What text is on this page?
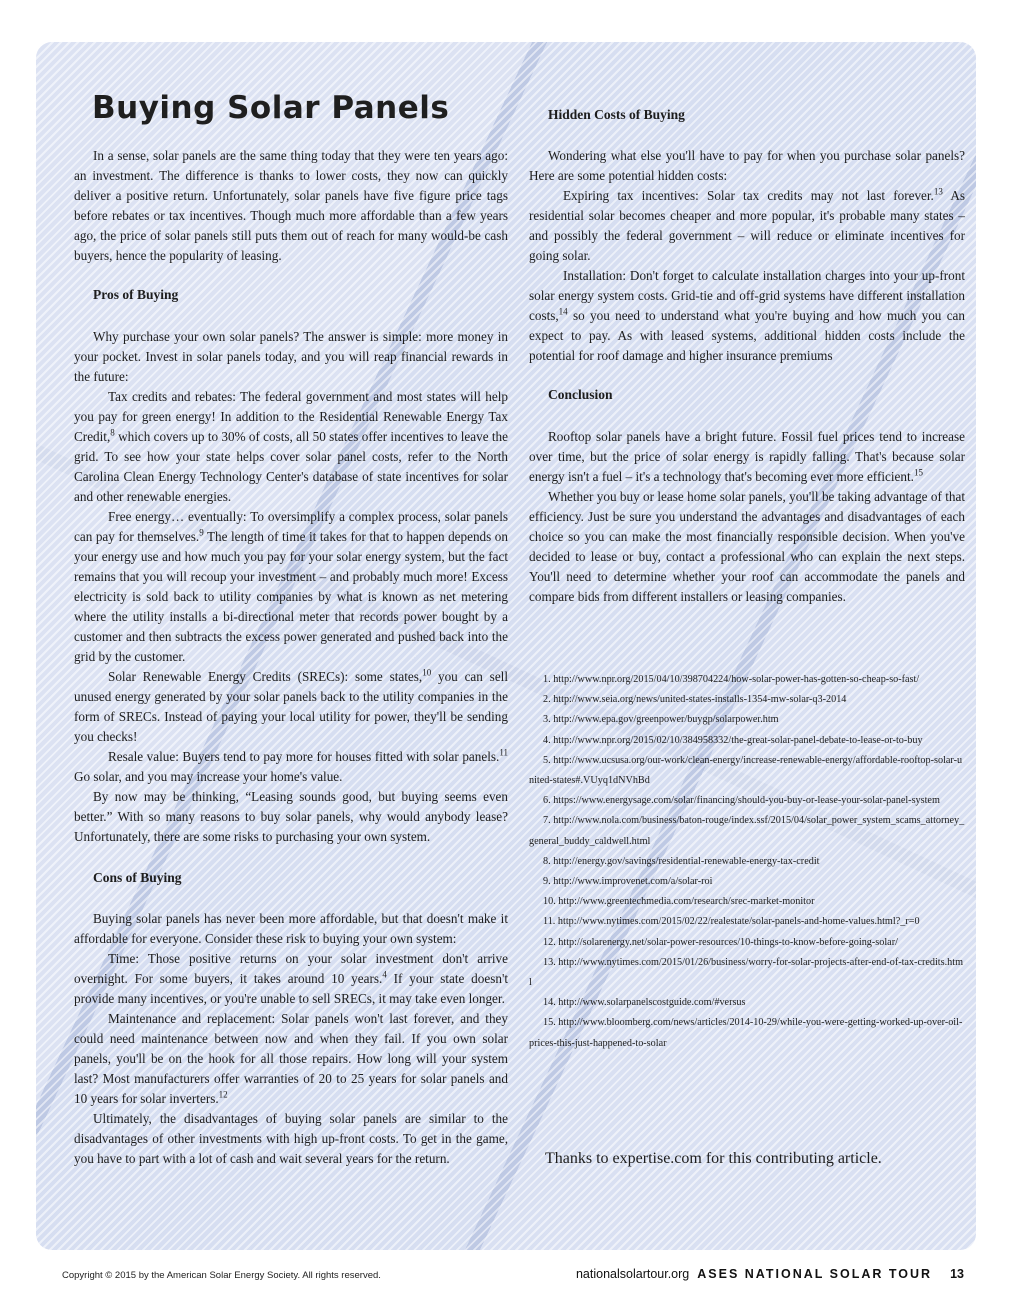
Buying Solar Panels

In a sense, solar panels are the same thing today that they were ten years ago: an investment. The difference is thanks to lower costs, they now can quickly deliver a positive return. Unfortunately, solar panels have five figure price tags before rebates or tax incentives. Though much more affordable than a few years ago, the price of solar panels still puts them out of reach for many would-be cash buyers, hence the popularity of leasing.

Pros of Buying

Why purchase your own solar panels? The answer is simple: more money in your pocket. Invest in solar panels today, and you will reap financial rewards in the future:

Tax credits and rebates: The federal government and most states will help you pay for green energy! In addition to the Residential Renewable Energy Tax Credit,$^8$ which covers up to 30% of costs, all 50 states offer incentives to leave the grid. To see how your state helps cover solar panel costs, refer to the North Carolina Clean Energy Technology Center's database of state incentives for solar and other renewable energies.

Free energy… eventually: To oversimplify a complex process, solar panels can pay for themselves.$^9$ The length of time it takes for that to happen depends on your energy use and how much you pay for your solar energy system, but the fact remains that you will recoup your investment – and probably much more! Excess electricity is sold back to utility companies by what is known as net metering where the utility installs a bi-directional meter that records power bought by a customer and then subtracts the excess power generated and pushed back into the grid by the customer.

Solar Renewable Energy Credits (SRECs): some states,$^{10}$ you can sell unused energy generated by your solar panels back to the utility companies in the form of SRECs. Instead of paying your local utility for power, they'll be sending you checks!

Resale value: Buyers tend to pay more for houses fitted with solar panels.$^{11}$ Go solar, and you may increase your home's value.

By now may be thinking, “Leasing sounds good, but buying seems even better.” With so many reasons to buy solar panels, why would anybody lease? Unfortunately, there are some risks to purchasing your own system.

Cons of Buying

Buying solar panels has never been more affordable, but that doesn't make it affordable for everyone. Consider these risk to buying your own system:

Time: Those positive returns on your solar investment don't arrive overnight. For some buyers, it takes around 10 years.$^4$ If your state doesn't provide many incentives, or you're unable to sell SRECs, it may take even longer.

Maintenance and replacement: Solar panels won't last forever, and they could need maintenance between now and when they fail. If you own solar panels, you'll be on the hook for all those repairs. How long will your system last? Most manufacturers offer warranties of 20 to 25 years for solar panels and 10 years for solar inverters.$^{12}$

Ultimately, the disadvantages of buying solar panels are similar to the disadvantages of other investments with high up-front costs. To get in the game, you have to part with a lot of cash and wait several years for the return.

Hidden Costs of Buying

Wondering what else you'll have to pay for when you purchase solar panels? Here are some potential hidden costs:

Expiring tax incentives: Solar tax credits may not last forever.$^{13}$ As residential solar becomes cheaper and more popular, it's probable many states – and possibly the federal government – will reduce or eliminate incentives for going solar.

Installation: Don't forget to calculate installation charges into your up-front solar energy system costs. Grid-tie and off-grid systems have different installation costs,$^{14}$ so you need to understand what you're buying and how much you can expect to pay. As with leased systems, additional hidden costs include the potential for roof damage and higher insurance premiums

Conclusion

Rooftop solar panels have a bright future. Fossil fuel prices tend to increase over time, but the price of solar energy is rapidly falling. That's because solar energy isn't a fuel – it's a technology that's becoming ever more efficient.$^{15}$

Whether you buy or lease home solar panels, you'll be taking advantage of that efficiency. Just be sure you understand the advantages and disadvantages of each choice so you can make the most financially responsible decision. When you've decided to lease or buy, contact a professional who can explain the next steps. You'll need to determine whether your roof can accommodate the panels and compare bids from different installers or leasing companies.

1. http://www.npr.org/2015/04/10/398704224/how-solar-power-has-gotten-so-cheap-so-fast/

2. http://www.seia.org/news/united-states-installs-1354-mw-solar-q3-2014

3. http://www.epa.gov/greenpower/buygp/solarpower.htm

4. http://www.npr.org/2015/02/10/384958332/the-great-solar-panel-debate-to-lease-or-to-buy

5. http://www.ucsusa.org/our-work/clean-energy/increase-renewable-energy/affordable-rooftop-solar-united-states#.VUyq1dNVhBd

6. https://www.energysage.com/solar/financing/should-you-buy-or-lease-your-solar-panel-system

7. http://www.nola.com/business/baton-rouge/index.ssf/2015/04/solar_power_system_scams_attorney_general_buddy_caldwell.html

8. http://energy.gov/savings/residential-renewable-energy-tax-credit

9. http://www.improvenet.com/a/solar-roi

10. http://www.greentechmedia.com/research/srec-market-monitor

11. http://www.nytimes.com/2015/02/22/realestate/solar-panels-and-home-values.html?_r=0

12. http://solarenergy.net/solar-power-resources/10-things-to-know-before-going-solar/

13. http://www.nytimes.com/2015/01/26/business/worry-for-solar-projects-after-end-of-tax-credits.html

14. http://www.solarpanelscostguide.com/#versus

15. http://www.bloomberg.com/news/articles/2014-10-29/while-you-were-getting-worked-up-over-oil-prices-this-just-happened-to-solar

Thanks to expertise.com for this contributing article.
Copyright © 2015 by the American Solar Energy Society. All rights reserved.	nationalsolartour.org ASES NATIONAL SOLAR TOUR 13
